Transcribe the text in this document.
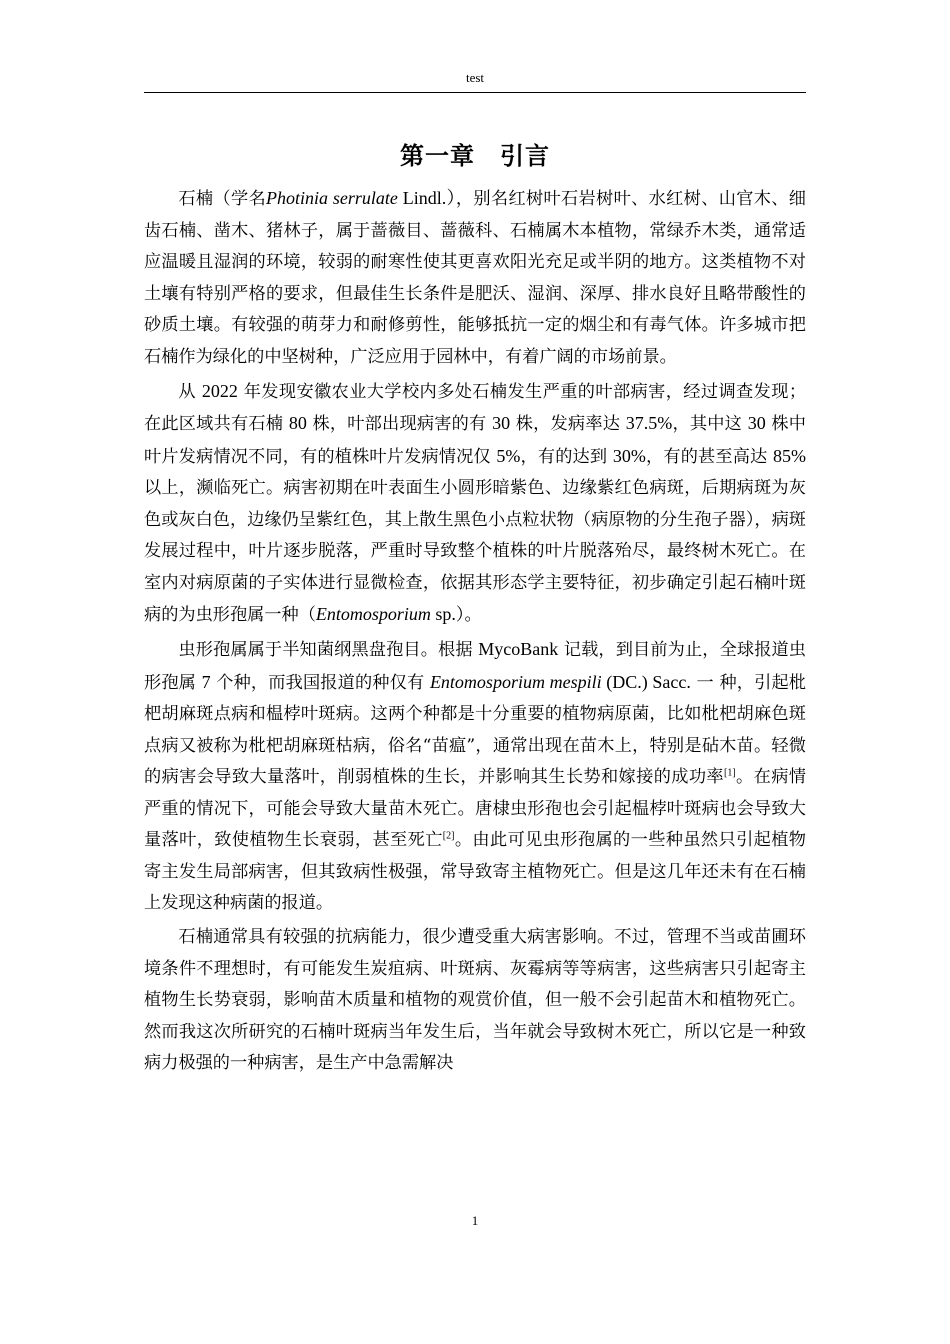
test
第一章　引言

石楠（学名Photinia serrulate Lindl.），别名红树叶石岩树叶、水红树、山官木、细齿石楠、凿木、猪林子，属于蔷薇目、蔷薇科、石楠属木本植物，常绿乔木类，通常适应温暖且湿润的环境，较弱的耐寒性使其更喜欢阳光充足或半阴的地方。这类植物不对土壤有特别严格的要求，但最佳生长条件是肥沃、湿润、深厚、排水良好且略带酸性的砂质土壤。有较强的萌芽力和耐修剪性，能够抵抗一定的烟尘和有毒气体。许多城市把石楠作为绿化的中坚树种，广泛应用于园林中，有着广阔的市场前景。

从 2022 年发现安徽农业大学校内多处石楠发生严重的叶部病害，经过调查发现；在此区域共有石楠 80 株，叶部出现病害的有 30 株，发病率达 37.5%，其中这 30 株中叶片发病情况不同，有的植株叶片发病情况仅 5%，有的达到 30%，有的甚至高达 85%以上，濒临死亡。病害初期在叶表面生小圆形暗紫色、边缘紫红色病斑，后期病斑为灰色或灰白色，边缘仍呈紫红色，其上散生黑色小点粒状物（病原物的分生孢子器），病斑发展过程中，叶片逐步脱落，严重时导致整个植株的叶片脱落殆尽，最终树木死亡。在室内对病原菌的子实体进行显微检查，依据其形态学主要特征，初步确定引起石楠叶斑病的为虫形孢属一种（Entomosporium sp.）。

虫形孢属属于半知菌纲黑盘孢目。根据 MycoBank 记载，到目前为止，全球报道虫形孢属 7 个种，而我国报道的种仅有 Entomosporium mespili (DC.) Sacc. 一 种，引起枇杷胡麻斑点病和榅桲叶斑病。这两个种都是十分重要的植物病原菌，比如枇杷胡麻色斑点病又被称为枇杷胡麻斑枯病，俗名“苗瘟”，通常出现在苗木上，特别是砧木苗。轻微的病害会导致大量落叶，削弱植株的生长，并影响其生长势和嫁接的成功率[1]。在病情严重的情况下，可能会导致大量苗木死亡。唐棣虫形孢也会引起榅桲叶斑病也会导致大量落叶，致使植物生长衰弱，甚至死亡[2]。由此可见虫形孢属的一些种虽然只引起植物寄主发生局部病害，但其致病性极强，常导致寄主植物死亡。但是这几年还未有在石楠上发现这种病菌的报道。

石楠通常具有较强的抗病能力，很少遭受重大病害影响。不过，管理不当或苗圃环境条件不理想时，有可能发生炭疽病、叶斑病、灰霉病等等病害，这些病害只引起寄主植物生长势衰弱，影响苗木质量和植物的观赏价值，但一般不会引起苗木和植物死亡。然而我这次所研究的石楠叶斑病当年发生后，当年就会导致树木死亡，所以它是一种致病力极强的一种病害，是生产中急需解决

1
